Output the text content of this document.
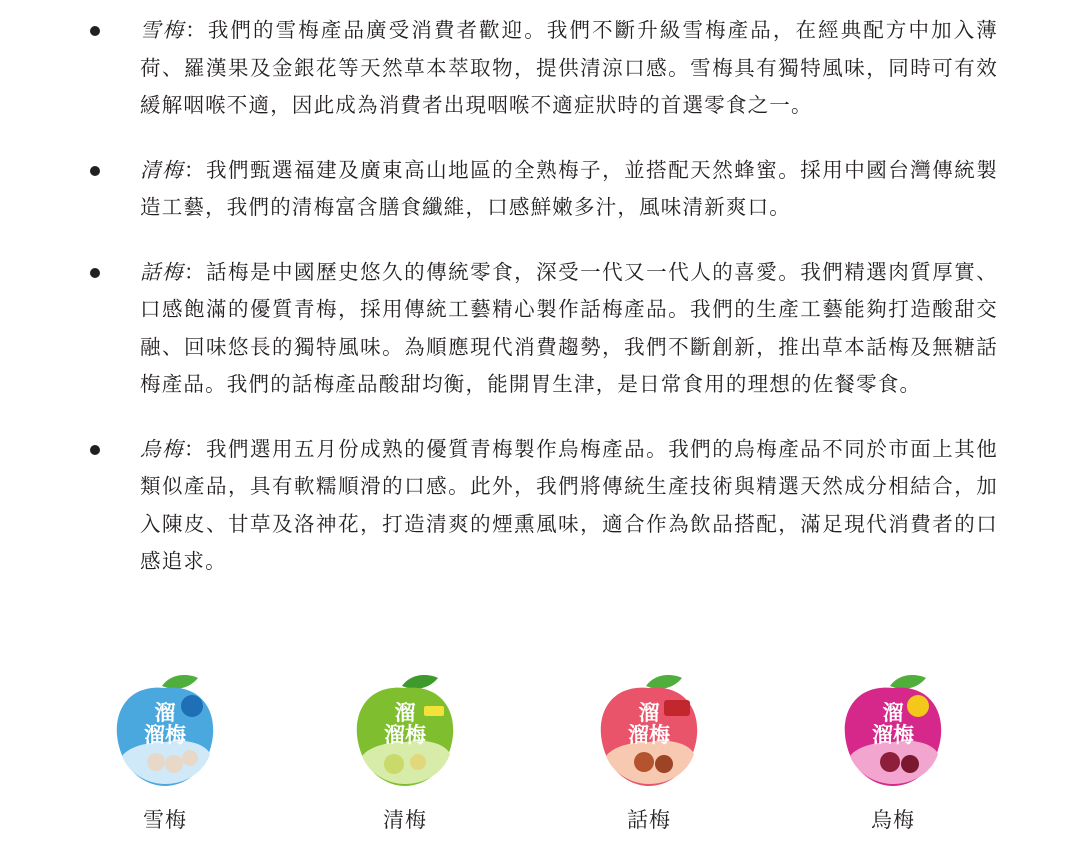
雪梅：我們的雪梅產品廣受消費者歡迎。我們不斷升級雪梅產品，在經典配方中加入薄荷、羅漢果及金銀花等天然草本萃取物，提供清涼口感。雪梅具有獨特風味，同時可有效緩解咽喉不適，因此成為消費者出現咽喉不適症狀時的首選零食之一。
清梅：我們甄選福建及廣東高山地區的全熟梅子，並搭配天然蜂蜜。採用中國台灣傳統製造工藝，我們的清梅富含膳食纖維，口感鮮嫩多汁，風味清新爽口。
話梅：話梅是中國歷史悠久的傳統零食，深受一代又一代人的喜愛。我們精選肉質厚實、口感飽滿的優質青梅，採用傳統工藝精心製作話梅產品。我們的生產工藝能夠打造酸甜交融、回味悠長的獨特風味。為順應現代消費趨勢，我們不斷創新，推出草本話梅及無糖話梅產品。我們的話梅產品酸甜均衡，能開胃生津，是日常食用的理想的佐餐零食。
烏梅：我們選用五月份成熟的優質青梅製作烏梅產品。我們的烏梅產品不同於市面上其他類似產品，具有軟糯順滑的口感。此外，我們將傳統生產技術與精選天然成分相結合，加入陳皮、甘草及洛神花，打造清爽的煙熏風味，適合作為飲品搭配，滿足現代消費者的口感追求。
溜
溜梅
雪梅
溜
溜梅
清梅
溜
溜梅
話梅
溜
溜梅
烏梅
